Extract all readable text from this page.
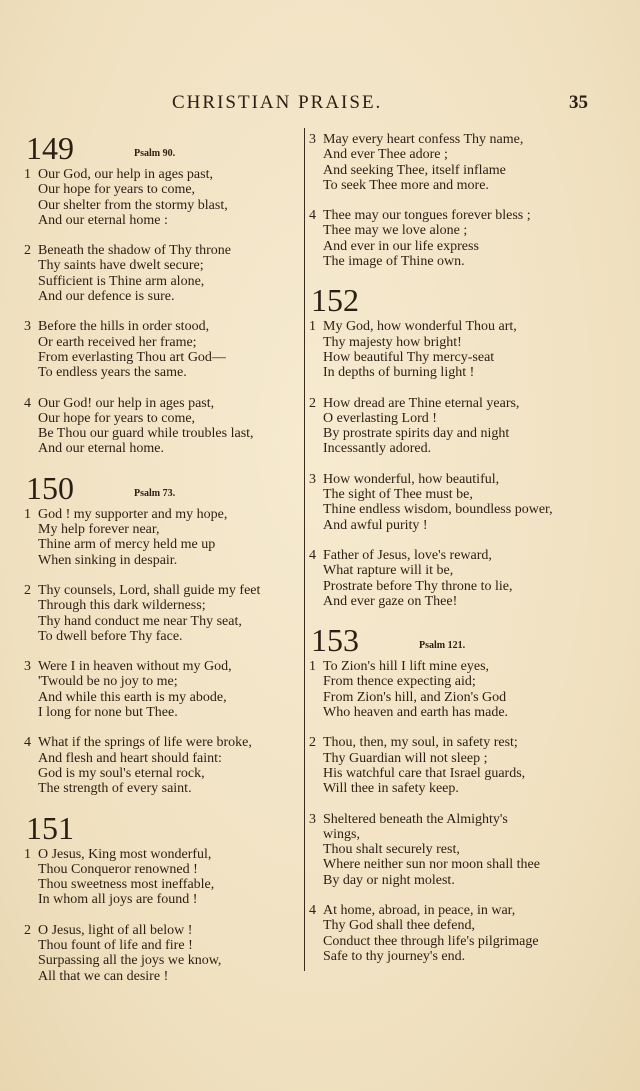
CHRISTIAN PRAISE.	35
149	Psalm 90.
1 Our God, our help in ages past,
Our hope for years to come,
Our shelter from the stormy blast,
And our eternal home :
2 Beneath the shadow of Thy throne
Thy saints have dwelt secure;
Sufficient is Thine arm alone,
And our defence is sure.
3 Before the hills in order stood,
Or earth received her frame;
From everlasting Thou art God—
To endless years the same.
4 Our God! our help in ages past,
Our hope for years to come,
Be Thou our guard while troubles last,
And our eternal home.
150	Psalm 73.
1 God ! my supporter and my hope,
My help forever near,
Thine arm of mercy held me up
When sinking in despair.
2 Thy counsels, Lord, shall guide my feet
Through this dark wilderness;
Thy hand conduct me near Thy seat,
To dwell before Thy face.
3 Were I in heaven without my God,
'Twould be no joy to me;
And while this earth is my abode,
I long for none but Thee.
4 What if the springs of life were broke,
And flesh and heart should faint:
God is my soul's eternal rock,
The strength of every saint.
151
1 O Jesus, King most wonderful,
Thou Conqueror renowned !
Thou sweetness most ineffable,
In whom all joys are found !
2 O Jesus, light of all below !
Thou fount of life and fire !
Surpassing all the joys we know,
All that we can desire !
3 May every heart confess Thy name,
And ever Thee adore ;
And seeking Thee, itself inflame
To seek Thee more and more.
4 Thee may our tongues forever bless ;
Thee may we love alone ;
And ever in our life express
The image of Thine own.
152
1 My God, how wonderful Thou art,
Thy majesty how bright!
How beautiful Thy mercy-seat
In depths of burning light !
2 How dread are Thine eternal years,
O everlasting Lord !
By prostrate spirits day and night
Incessantly adored.
3 How wonderful, how beautiful,
The sight of Thee must be,
Thine endless wisdom, boundless power,
And awful purity !
4 Father of Jesus, love's reward,
What rapture will it be,
Prostrate before Thy throne to lie,
And ever gaze on Thee!
153	Psalm 121.
1 To Zion's hill I lift mine eyes,
From thence expecting aid;
From Zion's hill, and Zion's God
Who heaven and earth has made.
2 Thou, then, my soul, in safety rest;
Thy Guardian will not sleep ;
His watchful care that Israel guards,
Will thee in safety keep.
3 Sheltered beneath the Almighty's
wings,
Thou shalt securely rest,
Where neither sun nor moon shall thee
By day or night molest.
4 At home, abroad, in peace, in war,
Thy God shall thee defend,
Conduct thee through life's pilgrimage
Safe to thy journey's end.
